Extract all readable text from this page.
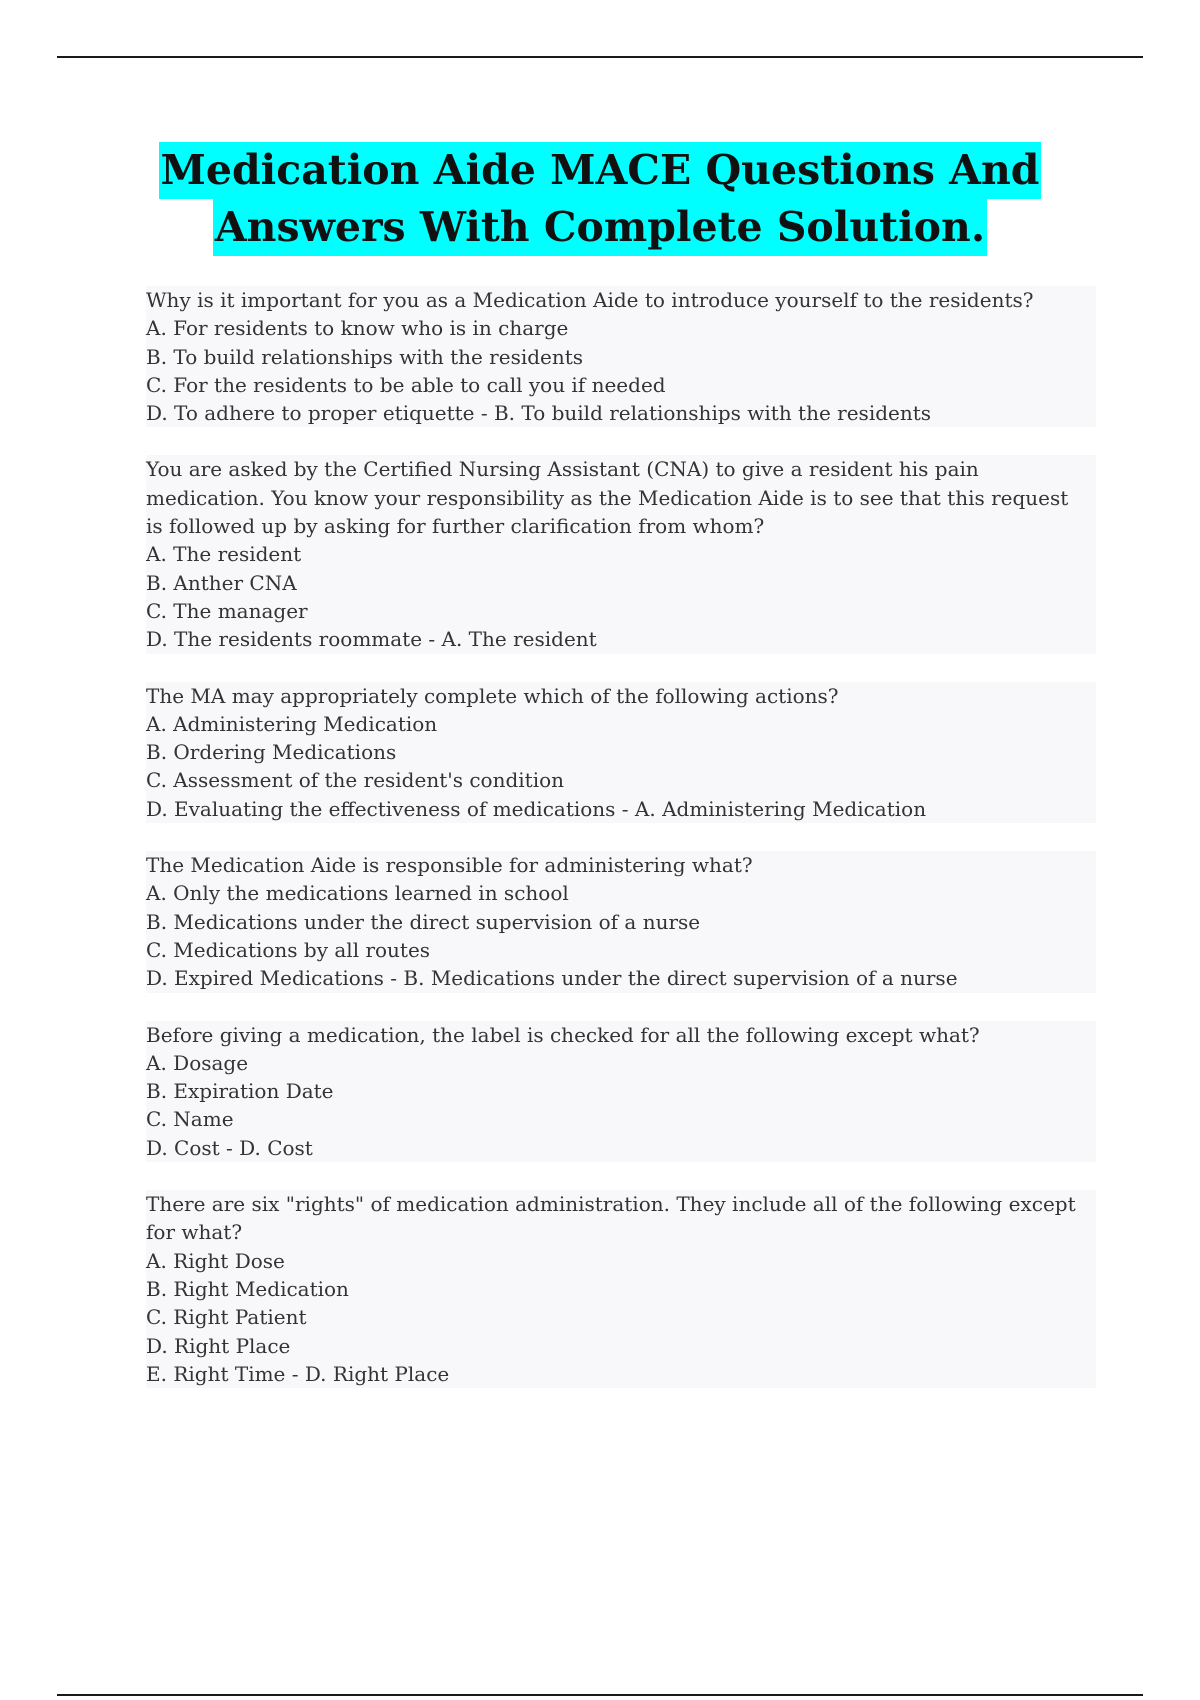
Medication Aide MACE Questions And
Answers With Complete Solution.
Why is it important for you as a Medication Aide to introduce yourself to the residents?
A. For residents to know who is in charge
B. To build relationships with the residents
C. For the residents to be able to call you if needed
D. To adhere to proper etiquette - B. To build relationships with the residents
You are asked by the Certified Nursing Assistant (CNA) to give a resident his pain
medication. You know your responsibility as the Medication Aide is to see that this request
is followed up by asking for further clarification from whom?
A. The resident
B. Anther CNA
C. The manager
D. The residents roommate - A. The resident
The MA may appropriately complete which of the following actions?
A. Administering Medication
B. Ordering Medications
C. Assessment of the resident's condition
D. Evaluating the effectiveness of medications - A. Administering Medication
The Medication Aide is responsible for administering what?
A. Only the medications learned in school
B. Medications under the direct supervision of a nurse
C. Medications by all routes
D. Expired Medications - B. Medications under the direct supervision of a nurse
Before giving a medication, the label is checked for all the following except what?
A. Dosage
B. Expiration Date
C. Name
D. Cost - D. Cost
There are six "rights" of medication administration. They include all of the following except
for what?
A. Right Dose
B. Right Medication
C. Right Patient
D. Right Place
E. Right Time - D. Right Place
